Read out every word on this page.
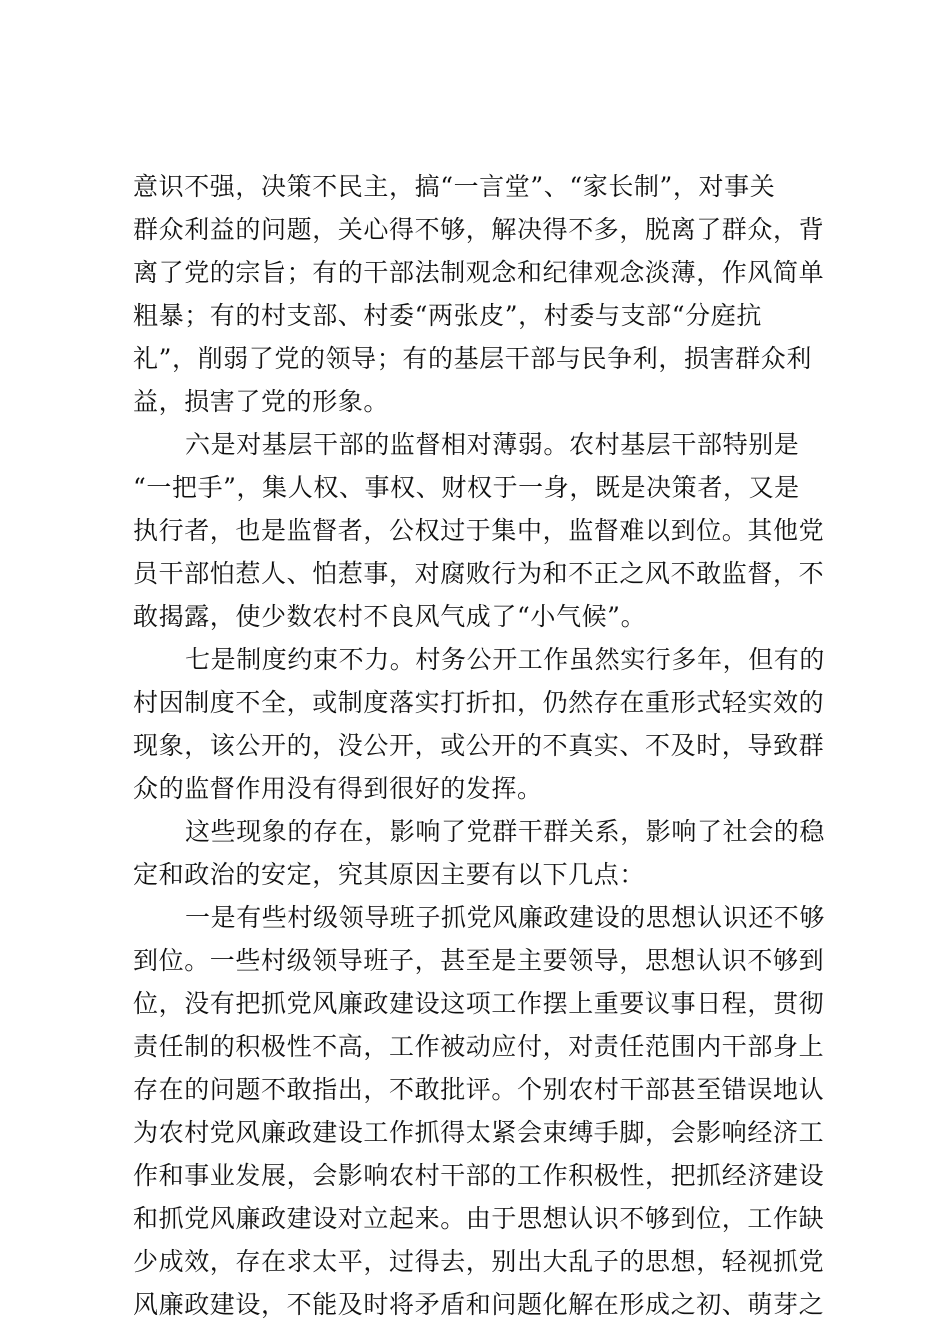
意识不强，决策不民主，搞“一言堂”、“家长制”，对事关
群众利益的问题，关心得不够，解决得不多，脱离了群众，背
离了党的宗旨；有的干部法制观念和纪律观念淡薄，作风简单
粗暴；有的村支部、村委“两张皮”，村委与支部“分庭抗
礼”，削弱了党的领导；有的基层干部与民争利，损害群众利
益，损害了党的形象。
六是对基层干部的监督相对薄弱。农村基层干部特别是
“一把手”，集人权、事权、财权于一身，既是决策者，又是
执行者，也是监督者，公权过于集中，监督难以到位。其他党
员干部怕惹人、怕惹事，对腐败行为和不正之风不敢监督，不
敢揭露，使少数农村不良风气成了“小气候”。
七是制度约束不力。村务公开工作虽然实行多年，但有的
村因制度不全，或制度落实打折扣，仍然存在重形式轻实效的
现象，该公开的，没公开，或公开的不真实、不及时，导致群
众的监督作用没有得到很好的发挥。
这些现象的存在，影响了党群干群关系，影响了社会的稳
定和政治的安定，究其原因主要有以下几点：
一是有些村级领导班子抓党风廉政建设的思想认识还不够
到位。一些村级领导班子，甚至是主要领导，思想认识不够到
位，没有把抓党风廉政建设这项工作摆上重要议事日程，贯彻
责任制的积极性不高，工作被动应付，对责任范围内干部身上
存在的问题不敢指出，不敢批评。个别农村干部甚至错误地认
为农村党风廉政建设工作抓得太紧会束缚手脚，会影响经济工
作和事业发展，会影响农村干部的工作积极性，把抓经济建设
和抓党风廉政建设对立起来。由于思想认识不够到位，工作缺
少成效，存在求太平，过得去，别出大乱子的思想，轻视抓党
风廉政建设，不能及时将矛盾和问题化解在形成之初、萌芽之
